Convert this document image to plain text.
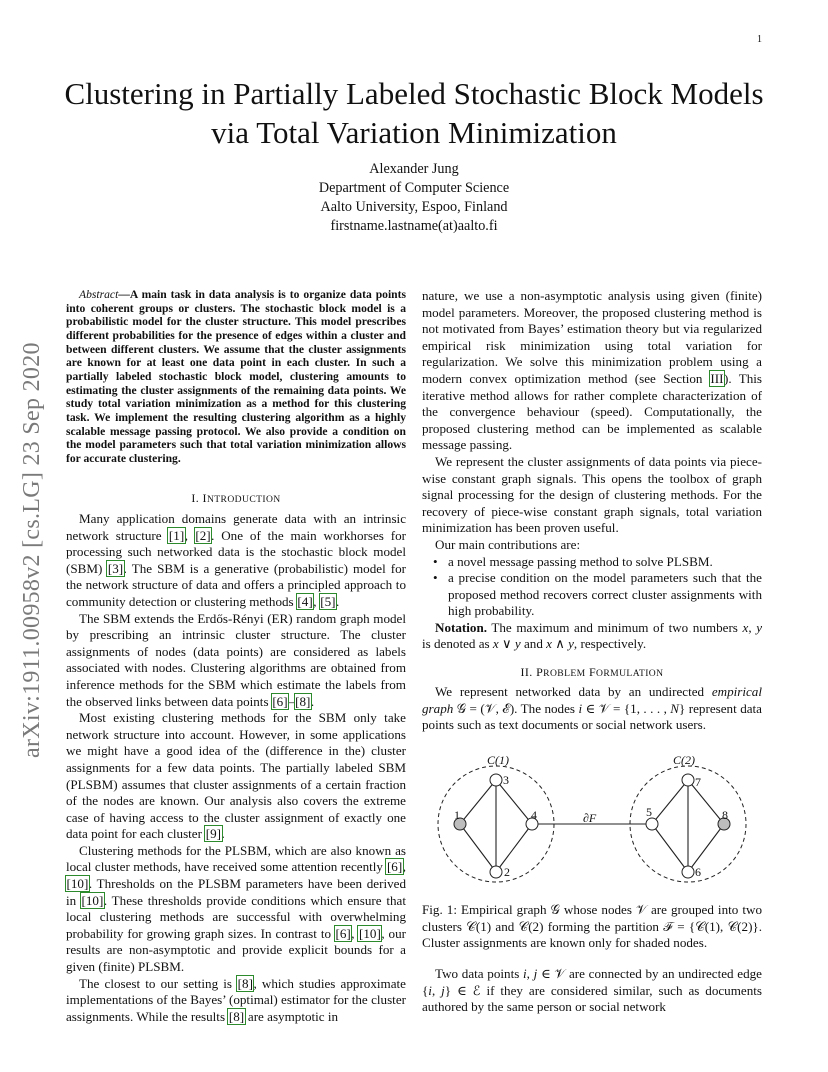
1
Clustering in Partially Labeled Stochastic Block Models via Total Variation Minimization
Alexander Jung
Department of Computer Science
Aalto University, Espoo, Finland
firstname.lastname(at)aalto.fi
arXiv:1911.00958v2 [cs.LG] 23 Sep 2020
Abstract—A main task in data analysis is to organize data points into coherent groups or clusters. The stochastic block model is a probabilistic model for the cluster structure. This model prescribes different probabilities for the presence of edges within a cluster and between different clusters. We assume that the cluster assignments are known for at least one data point in each cluster. In such a partially labeled stochastic block model, clustering amounts to estimating the cluster assignments of the remaining data points. We study total variation minimization as a method for this clustering task. We implement the resulting clustering algorithm as a highly scalable message passing protocol. We also provide a condition on the model parameters such that total variation minimization allows for accurate clustering.
I. INTRODUCTION

Many application domains generate data with an intrinsic network structure [1], [2]. One of the main workhorses for processing such networked data is the stochastic block model (SBM) [3]. The SBM is a generative (probabilistic) model for the network structure of data and offers a principled approach to community detection or clustering methods [4], [5].

The SBM extends the Erdős-Rényi (ER) random graph model by prescribing an intrinsic cluster structure. The cluster assignments of nodes (data points) are considered as labels associated with nodes. Clustering algorithms are obtained from inference methods for the SBM which estimate the labels from the observed links between data points [6]–[8].

Most existing clustering methods for the SBM only take network structure into account. However, in some applications we might have a good idea of the (difference in the) cluster assignments for a few data points. The partially labeled SBM (PLSBM) assumes that cluster assignments of a certain fraction of the nodes are known. Our analysis also covers the extreme case of having access to the cluster assignment of exactly one data point for each cluster [9].

Clustering methods for the PLSBM, which are also known as local cluster methods, have received some attention recently [6], [10]. Thresholds on the PLSBM parameters have been derived in [10]. These thresholds provide conditions which ensure that local clustering methods are successful with overwhelming probability for growing graph sizes. In contrast to [6], [10], our results are non-asymptotic and provide explicit bounds for a given (finite) PLSBM.

The closest to our setting is [8], which studies approximate implementations of the Bayes’ (optimal) estimator for the cluster assignments. While the results [8] are asymptotic in

nature, we use a non-asymptotic analysis using given (finite) model parameters. Moreover, the proposed clustering method is not motivated from Bayes’ estimation theory but via regularized empirical risk minimization using total variation for regularization. We solve this minimization problem using a modern convex optimization method (see Section III). This iterative method allows for rather complete characterization of the convergence behaviour (speed). Computationally, the proposed clustering method can be implemented as scalable message passing.

We represent the cluster assignments of data points via piece-wise constant graph signals. This opens the toolbox of graph signal processing for the design of clustering methods. For the recovery of piece-wise constant graph signals, total variation minimization has been proven useful.

Our main contributions are:

• a novel message passing method to solve PLSBM.
• a precise condition on the model parameters such that the proposed method recovers correct cluster assignments with high probability.

Notation. The maximum and minimum of two numbers x, y is denoted as x ∨ y and x ∧ y, respectively.

II. PROBLEM FORMULATION

We represent networked data by an undirected empirical graph 𝒢 = (𝒱, ℰ). The nodes i ∈ 𝒱 = {1, . . . , N} represent data points such as text documents or social network users.

1
2
3
4	5
6
7
8
C(1)	C(2)
∂F
Fig. 1: Empirical graph 𝒢 whose nodes 𝒱 are grouped into two clusters 𝒞(1) and 𝒞(2) forming the partition ℱ = {𝒞(1), 𝒞(2)}. Cluster assignments are known only for shaded nodes.

Two data points i, j ∈ 𝒱 are connected by an undirected edge {i, j} ∈ ℰ if they are considered similar, such as documents authored by the same person or social network
